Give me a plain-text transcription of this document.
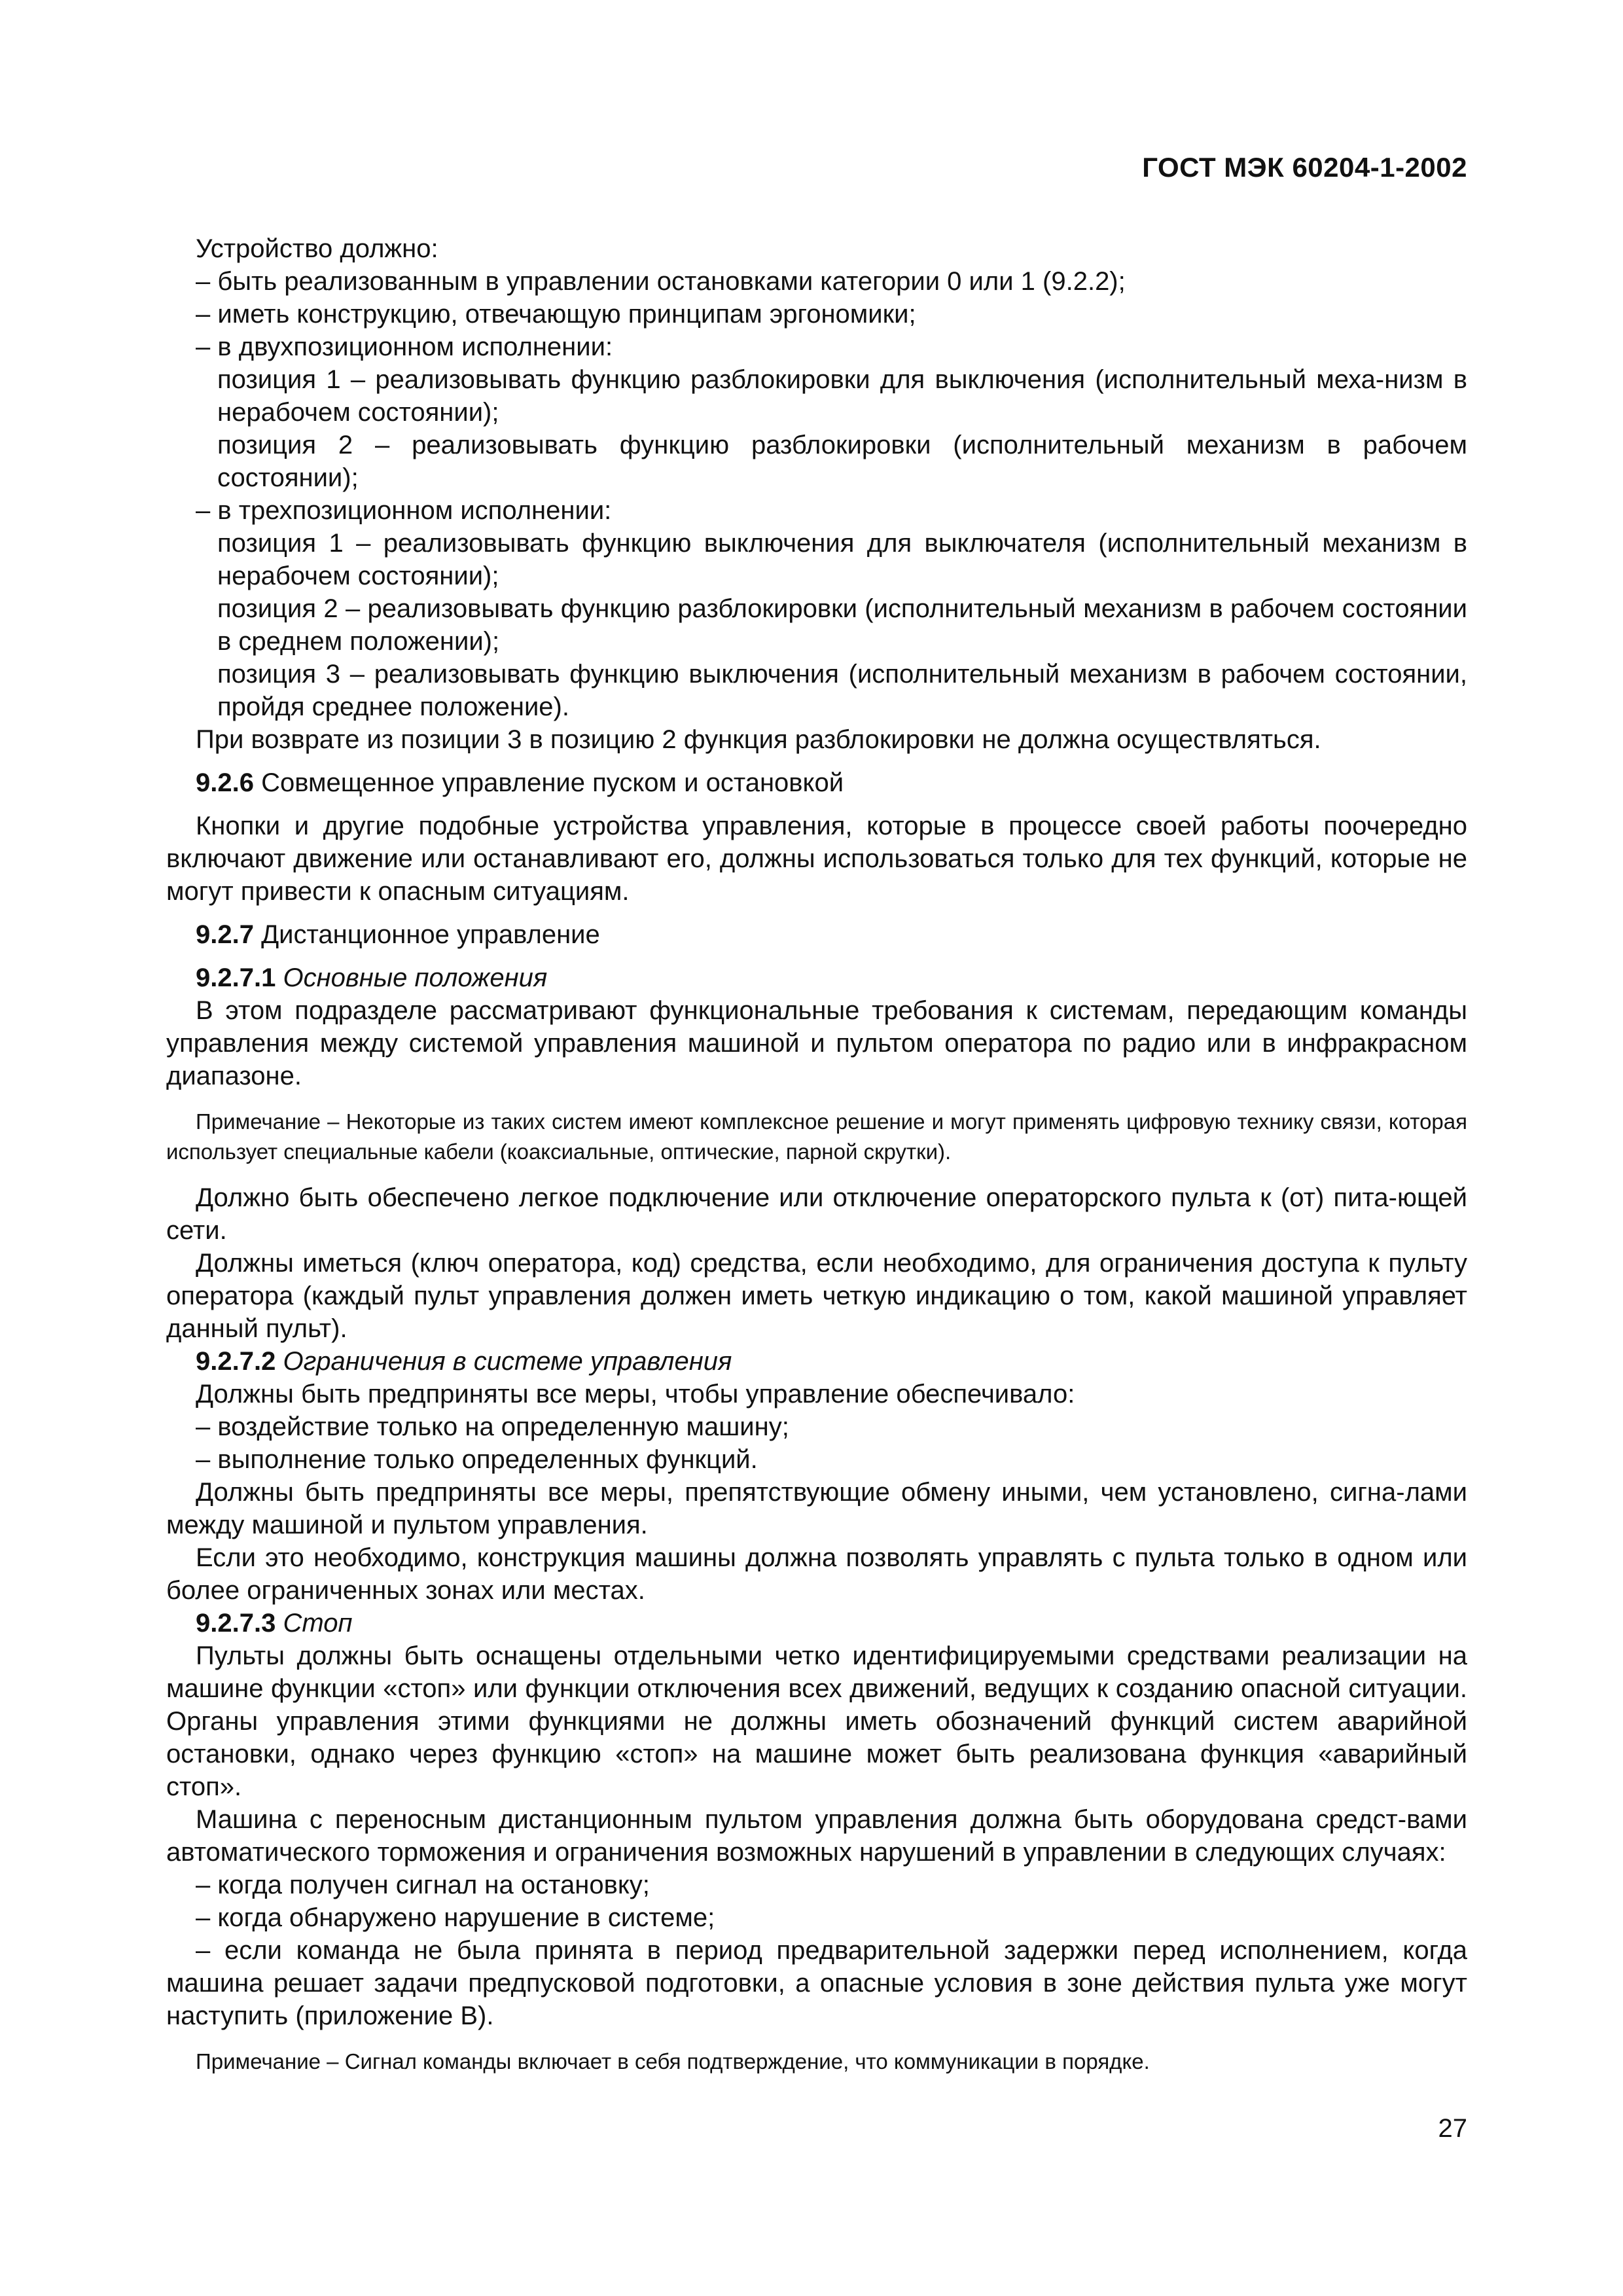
ГОСТ МЭК 60204-1-2002

Устройство должно:

– быть реализованным в управлении остановками категории 0 или 1 (9.2.2);

– иметь конструкцию, отвечающую принципам эргономики;

– в двухпозиционном исполнении:

позиция 1 – реализовывать функцию разблокировки для выключения (исполнительный меха-низм в нерабочем состоянии);

позиция 2 – реализовывать функцию разблокировки (исполнительный механизм в рабочем состоянии);

– в трехпозиционном исполнении:

позиция 1 – реализовывать функцию выключения для выключателя (исполнительный механизм в нерабочем состоянии);

позиция 2 – реализовывать функцию разблокировки (исполнительный механизм в рабочем состоянии в среднем положении);

позиция 3 – реализовывать функцию выключения (исполнительный механизм в рабочем состоянии, пройдя среднее положение).

При возврате из позиции 3 в позицию 2 функция разблокировки не должна осуществляться.

9.2.6 Совмещенное управление пуском и остановкой

Кнопки и другие подобные устройства управления, которые в процессе своей работы поочередно включают движение или останавливают его, должны использоваться только для тех функций, которые не могут привести к опасным ситуациям.

9.2.7 Дистанционное управление

9.2.7.1 Основные положения

В этом подразделе рассматривают функциональные требования к системам, передающим команды управления между системой управления машиной и пультом оператора по радио или в инфракрасном диапазоне.

Примечание – Некоторые из таких систем имеют комплексное решение и могут применять цифровую технику связи, которая использует специальные кабели (коаксиальные, оптические, парной скрутки).

Должно быть обеспечено легкое подключение или отключение операторского пульта к (от) пита-ющей сети.

Должны иметься (ключ оператора, код) средства, если необходимо, для ограничения доступа к пульту оператора (каждый пульт управления должен иметь четкую индикацию о том, какой машиной управляет данный пульт).

9.2.7.2 Ограничения в системе управления

Должны быть предприняты все меры, чтобы управление обеспечивало:

– воздействие только на определенную машину;

– выполнение только определенных функций.

Должны быть предприняты все меры, препятствующие обмену иными, чем установлено, сигна-лами между машиной и пультом управления.

Если это необходимо, конструкция машины должна позволять управлять с пульта только в одном или более ограниченных зонах или местах.

9.2.7.3 Стоп

Пульты должны быть оснащены отдельными четко идентифицируемыми средствами реализации на машине функции «стоп» или функции отключения всех движений, ведущих к созданию опасной ситуации. Органы управления этими функциями не должны иметь обозначений функций систем аварийной остановки, однако через функцию «стоп» на машине может быть реализована функция «аварийный стоп».

Машина с переносным дистанционным пультом управления должна быть оборудована средст-вами автоматического торможения и ограничения возможных нарушений в управлении в следующих случаях:

– когда получен сигнал на остановку;

– когда обнаружено нарушение в системе;

– если команда не была принята в период предварительной задержки перед исполнением, когда машина решает задачи предпусковой подготовки, а опасные условия в зоне действия пульта уже могут наступить (приложение В).

Примечание – Сигнал команды включает в себя подтверждение, что коммуникации в порядке.

27
